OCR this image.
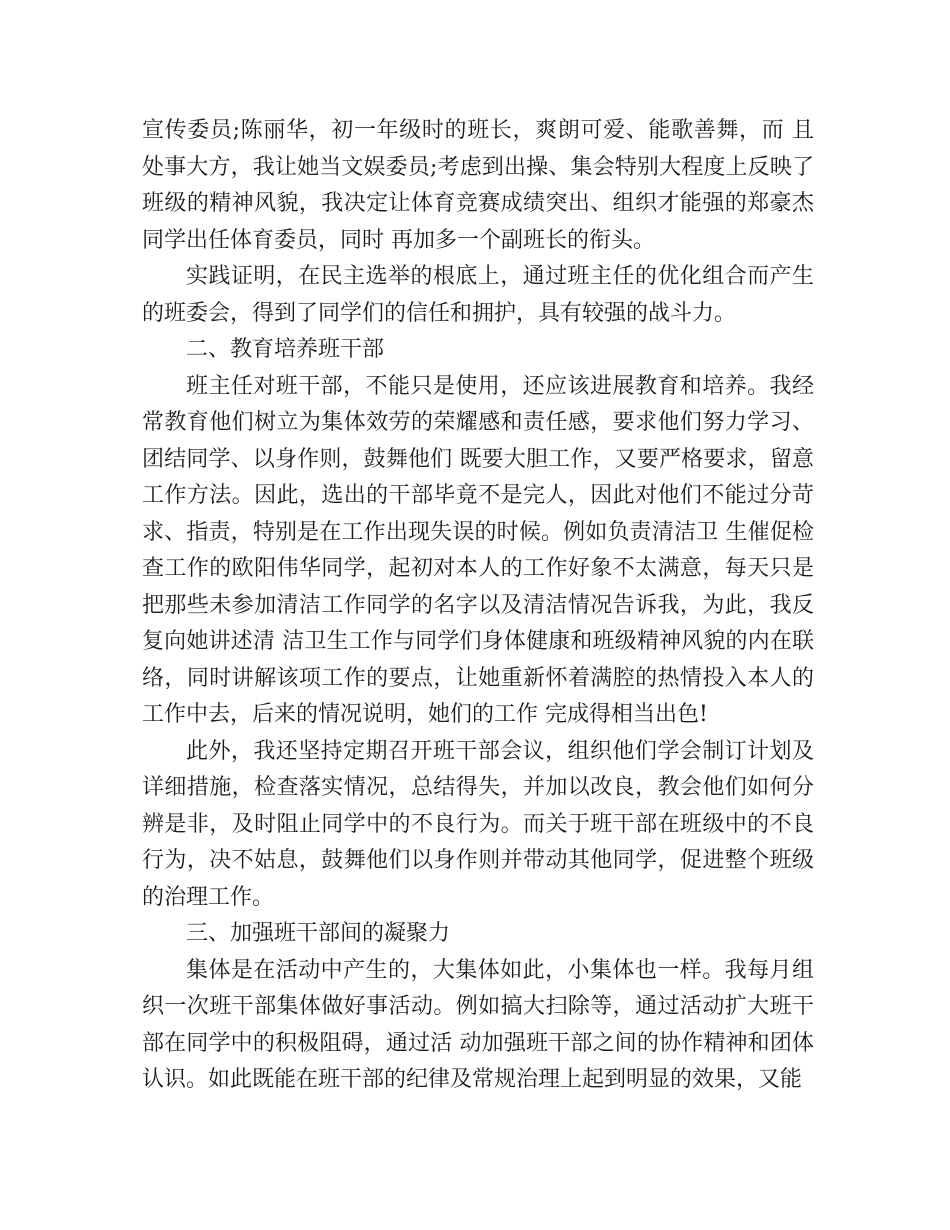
宣传委员;陈丽华，初一年级时的班长，爽朗可爱、能歌善舞，而 且处事大方，我让她当文娱委员;考虑到出操、集会特别大程度上反映了班级的精神风貌，我决定让体育竞赛成绩突出、组织才能强的郑豪杰同学出任体育委员，同时 再加多一个副班长的衔头。

实践证明，在民主选举的根底上，通过班主任的优化组合而产生的班委会，得到了同学们的信任和拥护，具有较强的战斗力。

二、教育培养班干部

班主任对班干部，不能只是使用，还应该进展教育和培养。我经常教育他们树立为集体效劳的荣耀感和责任感，要求他们努力学习、团结同学、以身作则，鼓舞他们 既要大胆工作，又要严格要求，留意工作方法。因此，选出的干部毕竟不是完人，因此对他们不能过分苛求、指责，特别是在工作出现失误的时候。例如负责清洁卫 生催促检查工作的欧阳伟华同学，起初对本人的工作好象不太满意，每天只是把那些未参加清洁工作同学的名字以及清洁情况告诉我，为此，我反复向她讲述清 洁卫生工作与同学们身体健康和班级精神风貌的内在联络，同时讲解该项工作的要点，让她重新怀着满腔的热情投入本人的工作中去，后来的情况说明，她们的工作 完成得相当出色!

此外，我还坚持定期召开班干部会议，组织他们学会制订计划及详细措施，检查落实情况，总结得失，并加以改良，教会他们如何分辨是非，及时阻止同学中的不良行为。而关于班干部在班级中的不良行为，决不姑息，鼓舞他们以身作则并带动其他同学，促进整个班级的治理工作。

三、加强班干部间的凝聚力

集体是在活动中产生的，大集体如此，小集体也一样。我每月组织一次班干部集体做好事活动。例如搞大扫除等，通过活动扩大班干部在同学中的积极阻碍，通过活 动加强班干部之间的协作精神和团体认识。如此既能在班干部的纪律及常规治理上起到明显的效果，又能
